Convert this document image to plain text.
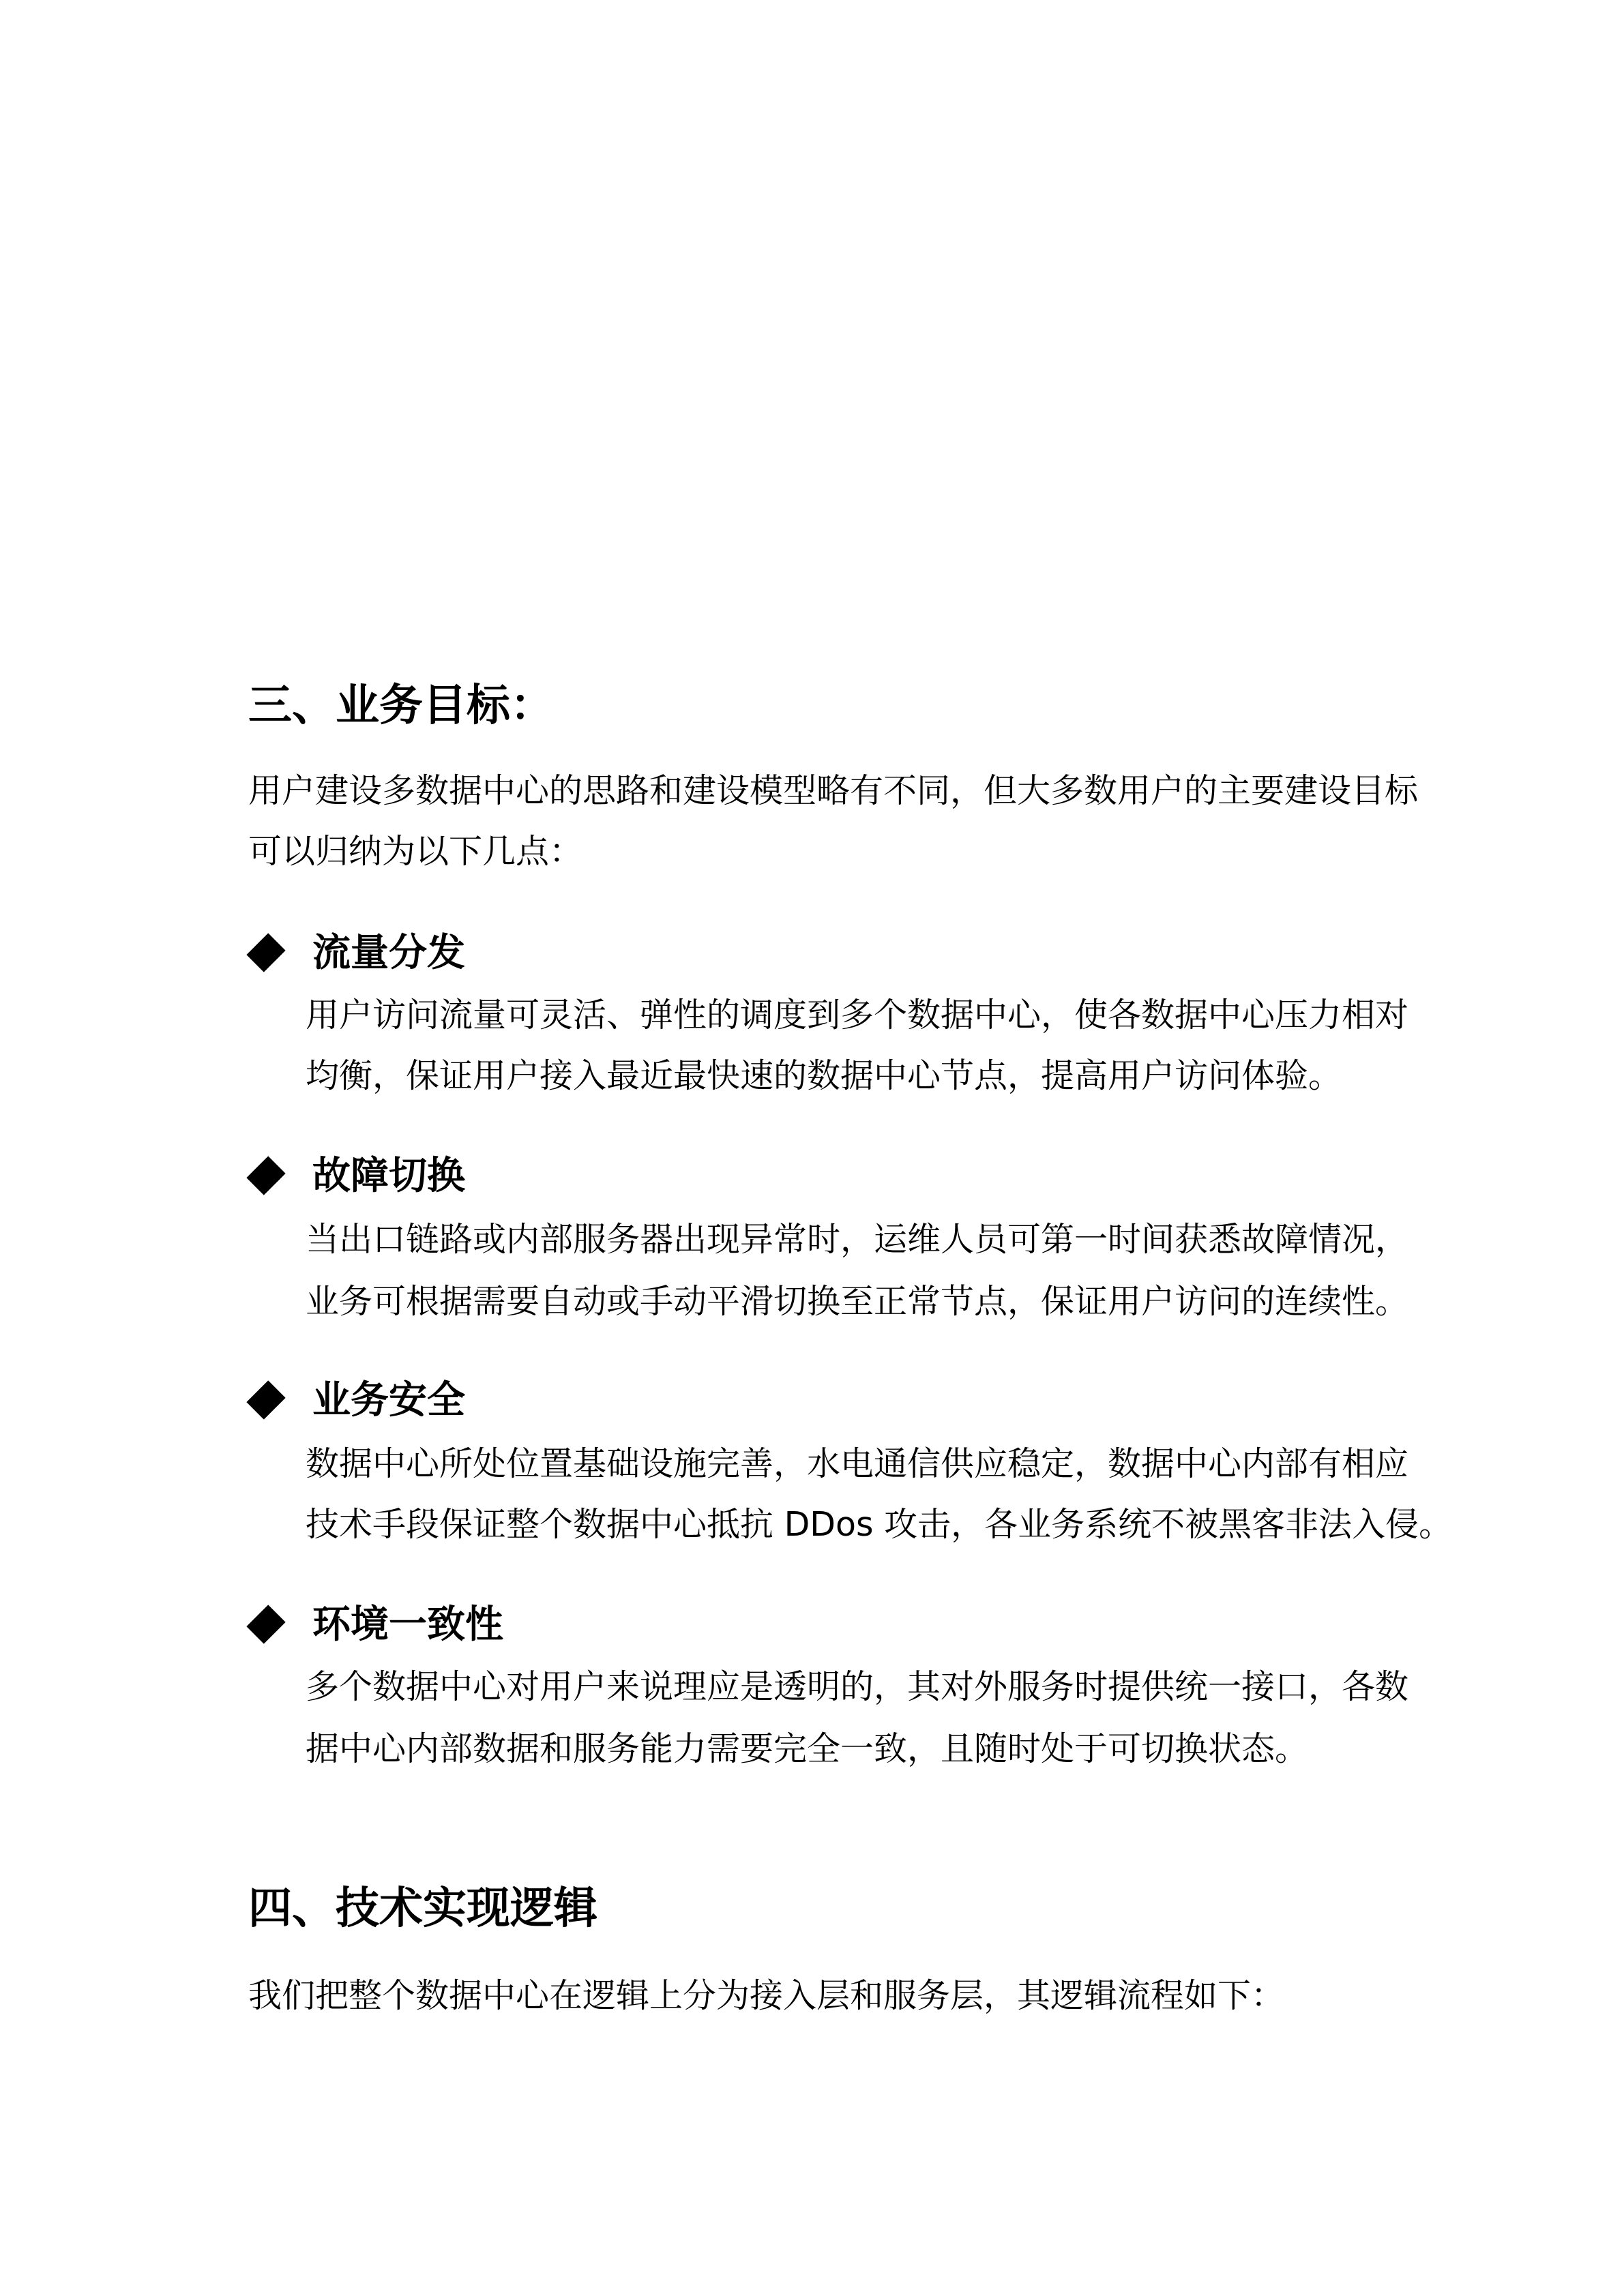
三、业务目标：
用户建设多数据中心的思路和建设模型略有不同，但大多数用户的主要建设目标
可以归纳为以下几点：
流量分发
用户访问流量可灵活、弹性的调度到多个数据中心，使各数据中心压力相对
均衡，保证用户接入最近最快速的数据中心节点，提高用户访问体验。
故障切换
当出口链路或内部服务器出现异常时，运维人员可第一时间获悉故障情况，
业务可根据需要自动或手动平滑切换至正常节点，保证用户访问的连续性。
业务安全
数据中心所处位置基础设施完善，水电通信供应稳定，数据中心内部有相应
技术手段保证整个数据中心抵抗 DDos 攻击，各业务系统不被黑客非法入侵。
环境一致性
多个数据中心对用户来说理应是透明的，其对外服务时提供统一接口，各数
据中心内部数据和服务能力需要完全一致，且随时处于可切换状态。
四、技术实现逻辑
我们把整个数据中心在逻辑上分为接入层和服务层，其逻辑流程如下：
